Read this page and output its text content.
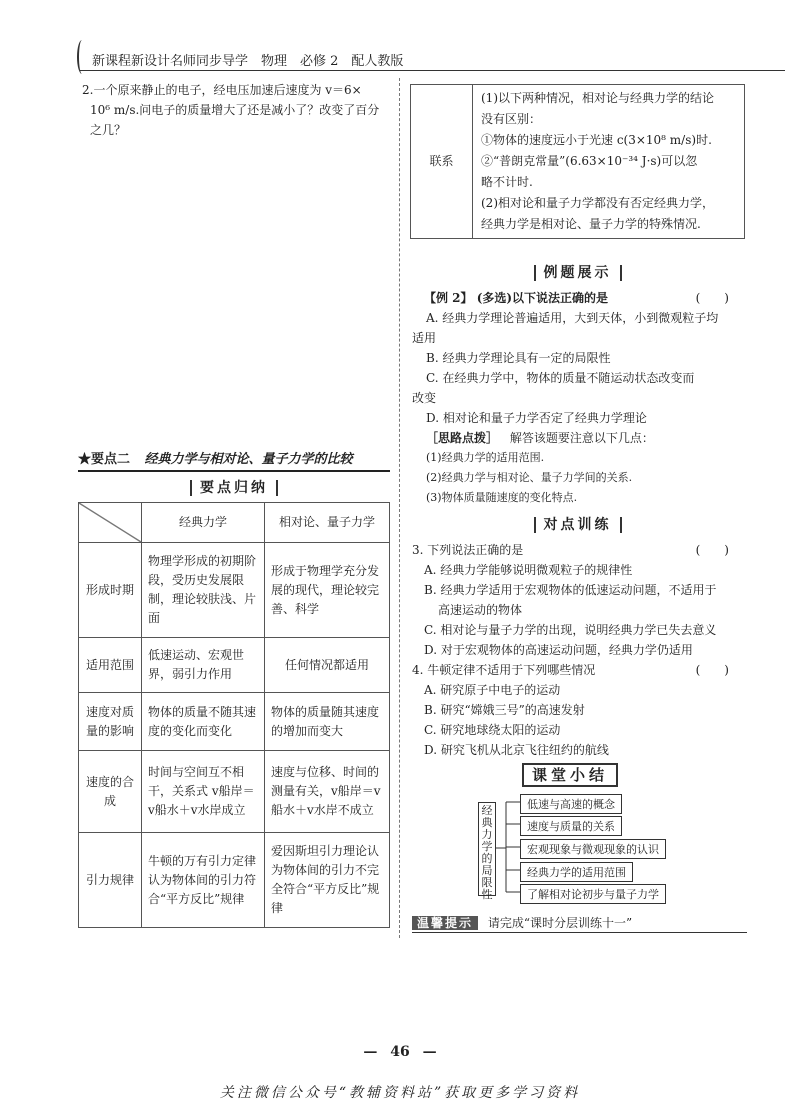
新课程新设计名师同步导学　物理　必修 2　配人教版

2.一个原来静止的电子，经电压加速后速度为 v＝6×

10⁶ m/s.问电子的质量增大了还是减小了？改变了百分

之几？

联系	
(1)以下两种情况，相对论与经典力学的结论
没有区别：
①物体的速度远小于光速 c(3×10⁸ m/s)时.
②“普朗克常量”(6.63×10⁻³⁴ J·s)可以忽
略不计时.
(2)相对论和量子力学都没有否定经典力学，
经典力学是相对论、量子力学的特殊情况.
★要点二 经典力学与相对论、量子力学的比较
要点归纳
	经典力学	相对论、量子力学
形成时期	物理学形成的初期阶段，受历史发展限制，理论较肤浅、片面	形成于物理学充分发展的现代，理论较完善、科学
适用范围	低速运动、宏观世界，弱引力作用	任何情况都适用
速度对质量的影响	物体的质量不随其速度的变化而变化	物体的质量随其速度的增加而变大
速度的合成	时间与空间互不相干，关系式 v船岸＝v船水＋v水岸成立	速度与位移、时间的测量有关，v船岸＝v船水＋v水岸不成立
引力规律	牛顿的万有引力定律认为物体间的引力符合“平方反比”规律	爱因斯坦引力理论认为物体间的引力不完全符合“平方反比”规律
例题展示

【例 2】 (多选)以下说法正确的是	(　　)

A. 经典力学理论普遍适用，大到天体，小到微观粒子均

适用

B. 经典力学理论具有一定的局限性

C. 在经典力学中，物体的质量不随运动状态改变而

改变

D. 相对论和量子力学否定了经典力学理论

［思路点拨］ 解答该题要注意以下几点：

(1)经典力学的适用范围.

(2)经典力学与相对论、量子力学间的关系.

(3)物体质量随速度的变化特点.

对点训练

3. 下列说法正确的是	(　　)

A. 经典力学能够说明微观粒子的规律性

B. 经典力学适用于宏观物体的低速运动问题，不适用于

高速运动的物体

C. 相对论与量子力学的出现，说明经典力学已失去意义

D. 对于宏观物体的高速运动问题，经典力学仍适用

4. 牛顿定律不适用于下列哪些情况	(　　)

A. 研究原子中电子的运动

B. 研究“嫦娥三号”的高速发射

C. 研究地球绕太阳的运动

D. 研究飞机从北京飞往纽约的航线

课堂小结
经典力学的局限性
低速与高速的概念
速度与质量的关系
宏观现象与微观现象的认识
经典力学的适用范围
了解相对论初步与量子力学
温馨提示 请完成“课时分层训练十一”
— 46 —
关注微信公众号“教辅资料站”获取更多学习资料
